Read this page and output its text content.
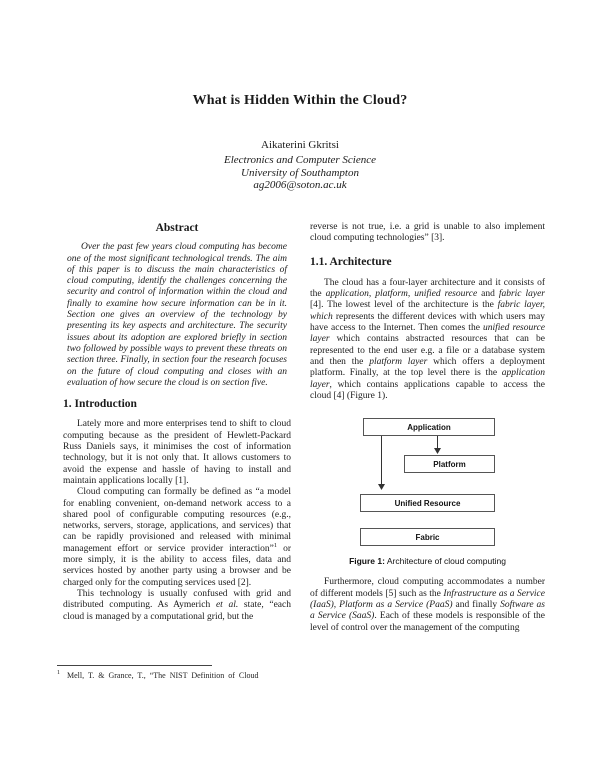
What is Hidden Within the Cloud?
Aikaterini Gkritsi
Electronics and Computer Science
University of Southampton
ag2006@soton.ac.uk
Abstract

Over the past few years cloud computing has become one of the most significant technological trends. The aim of this paper is to discuss the main characteristics of cloud computing, identify the challenges concerning the security and control of information within the cloud and finally to examine how secure information can be in it. Section one gives an overview of the technology by presenting its key aspects and architecture. The security issues about its adoption are explored briefly in section two followed by possible ways to prevent these threats on section three. Finally, in section four the research focuses on the future of cloud computing and closes with an evaluation of how secure the cloud is on section five.

1. Introduction

Lately more and more enterprises tend to shift to cloud computing because as the president of Hewlett-Packard Russ Daniels says, it minimises the cost of information technology, but it is not only that. It allows customers to avoid the expense and hassle of having to install and maintain applications locally [1].

Cloud computing can formally be defined as “a model for enabling convenient, on-demand network access to a shared pool of configurable computing resources (e.g., networks, servers, storage, applications, and services) that can be rapidly provisioned and released with minimal management effort or service provider interaction”$^1$ or more simply, it is the ability to access files, data and services hosted by another party using a browser and be charged only for the computing services used [2].

This technology is usually confused with grid and distributed computing. As Aymerich et al. state, “each cloud is managed by a computational grid, but the

reverse is not true, i.e. a grid is unable to also implement cloud computing technologies” [3].

1.1. Architecture

The cloud has a four-layer architecture and it consists of the application, platform, unified resource and fabric layer [4]. The lowest level of the architecture is the fabric layer, which represents the different devices with which users may have access to the Internet. Then comes the unified resource layer which contains abstracted resources that can be represented to the end user e.g. a file or a database system and then the platform layer which offers a deployment platform. Finally, at the top level there is the application layer, which contains applications capable to access the cloud [4] (Figure 1).

Application
Platform
Unified Resource
Fabric
Figure 1: Architecture of cloud computing

Furthermore, cloud computing accommodates a number of different models [5] such as the Infrastructure as a Service (IaaS), Platform as a Service (PaaS) and finally Software as a Service (SaaS). Each of these models is responsible of the level of control over the management of the computing

$^1$ Mell, T. & Grance, T., “The NIST Definition of Cloud
